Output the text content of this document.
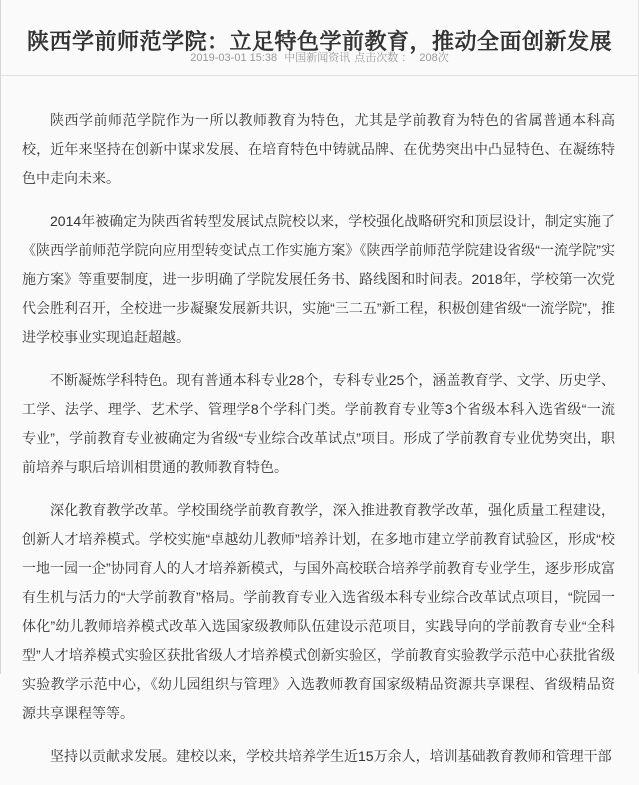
陕西学前师范学院：立足特色学前教育，推动全面创新发展
2019-03-01 15:38 中国新闻资讯 点击次数 ： 208次

陕西学前师范学院作为一所以教师教育为特色，尤其是学前教育为特色的省属普通本科高校，近年来坚持在创新中谋求发展、在培育特色中铸就品牌、在优势突出中凸显特色、在凝练特色中走向未来。

2014年被确定为陕西省转型发展试点院校以来，学校强化战略研究和顶层设计，制定实施了《陕西学前师范学院向应用型转变试点工作实施方案》《陕西学前师范学院建设省级“一流学院”实施方案》等重要制度，进一步明确了学院发展任务书、路线图和时间表。2018年，学校第一次党代会胜利召开，全校进一步凝聚发展新共识，实施“三二五”新工程，积极创建省级“一流学院”，推进学校事业实现追赶超越。

不断凝炼学科特色。现有普通本科专业28个，专科专业25个，涵盖教育学、文学、历史学、工学、法学、理学、艺术学、管理学8个学科门类。学前教育专业等3个省级本科入选省级“一流专业”，学前教育专业被确定为省级“专业综合改革试点”项目。形成了学前教育专业优势突出，职前培养与职后培训相贯通的教师教育特色。

深化教育教学改革。学校围绕学前教育教学，深入推进教育教学改革，强化质量工程建设，创新人才培养模式。学校实施“卓越幼儿教师”培养计划，在多地市建立学前教育试验区，形成“校一地一园一企”协同育人的人才培养新模式，与国外高校联合培养学前教育专业学生，逐步形成富有生机与活力的“大学前教育”格局。学前教育专业入选省级本科专业综合改革试点项目，“院园一体化”幼儿教师培养模式改革入选国家级教师队伍建设示范项目，实践导向的学前教育专业“全科型”人才培养模式实验区获批省级人才培养模式创新实验区，学前教育实验教学示范中心获批省级实验教学示范中心，《幼儿园组织与管理》入选教师教育国家级精品资源共享课程、省级精品资源共享课程等等。

坚持以贡献求发展。建校以来，学校共培养学生近15万余人，培训基础教育教师和管理干部
